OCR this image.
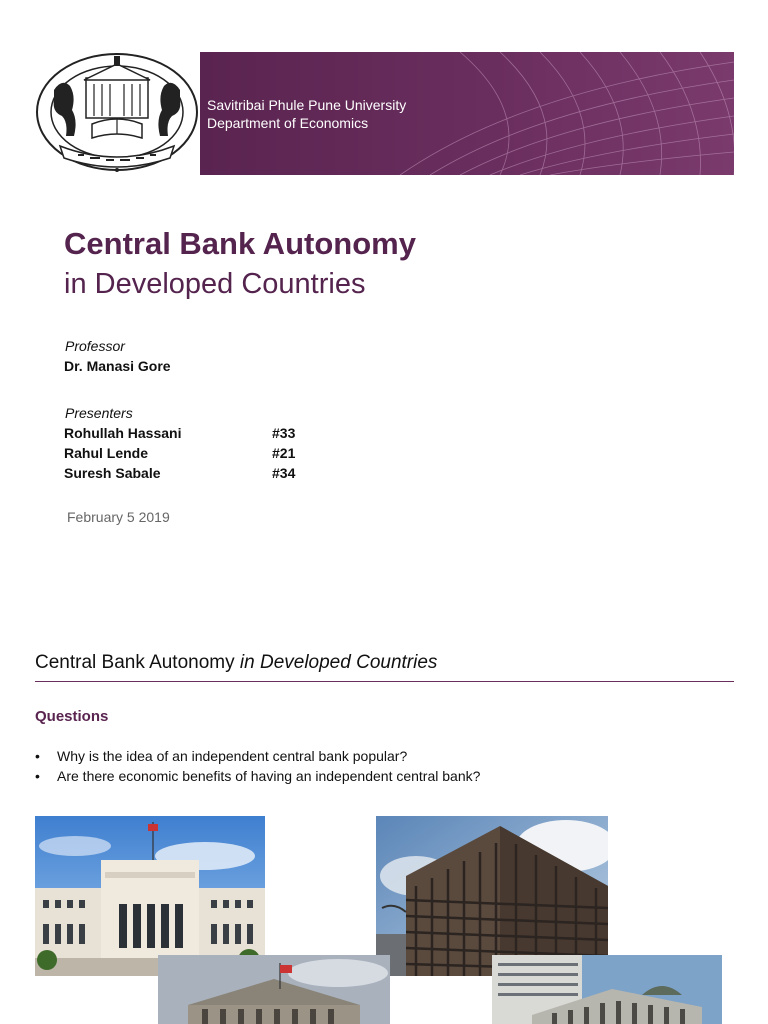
Savitribai Phule Pune University
Department of Economics
Central Bank Autonomy
in Developed Countries
Professor
Dr. Manasi Gore
Presenters
Rohullah Hassani	#33
Rahul Lende	#21
Suresh Sabale	#34
February 5 2019
Central Bank Autonomy in Developed Countries
Questions
• Why is the idea of an independent central bank popular?
• Are there economic benefits of having an independent central bank?
